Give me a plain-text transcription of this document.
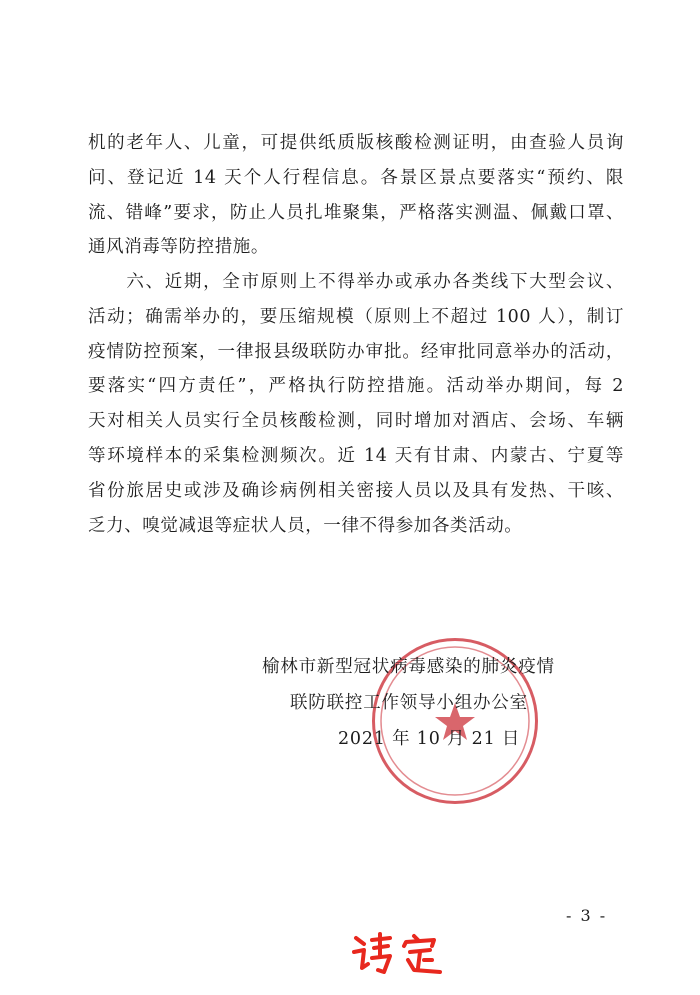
机的老年人、儿童，可提供纸质版核酸检测证明，由查验人员询
问、登记近 14 天个人行程信息。各景区景点要落实“预约、限
流、错峰”要求，防止人员扎堆聚集，严格落实测温、佩戴口罩、
通风消毒等防控措施。
　　六、近期，全市原则上不得举办或承办各类线下大型会议、
活动；确需举办的，要压缩规模（原则上不超过 100 人），制订
疫情防控预案，一律报县级联防办审批。经审批同意举办的活动，
要落实“四方责任”，严格执行防控措施。活动举办期间，每 2
天对相关人员实行全员核酸检测，同时增加对酒店、会场、车辆
等环境样本的采集检测频次。近 14 天有甘肃、内蒙古、宁夏等
省份旅居史或涉及确诊病例相关密接人员以及具有发热、干咳、
乏力、嗅觉减退等症状人员，一律不得参加各类活动。
榆林市新型冠状病毒感染的肺炎疫情
联防联控工作领导小组办公室
2021 年 10 月 21 日
- 3 -
